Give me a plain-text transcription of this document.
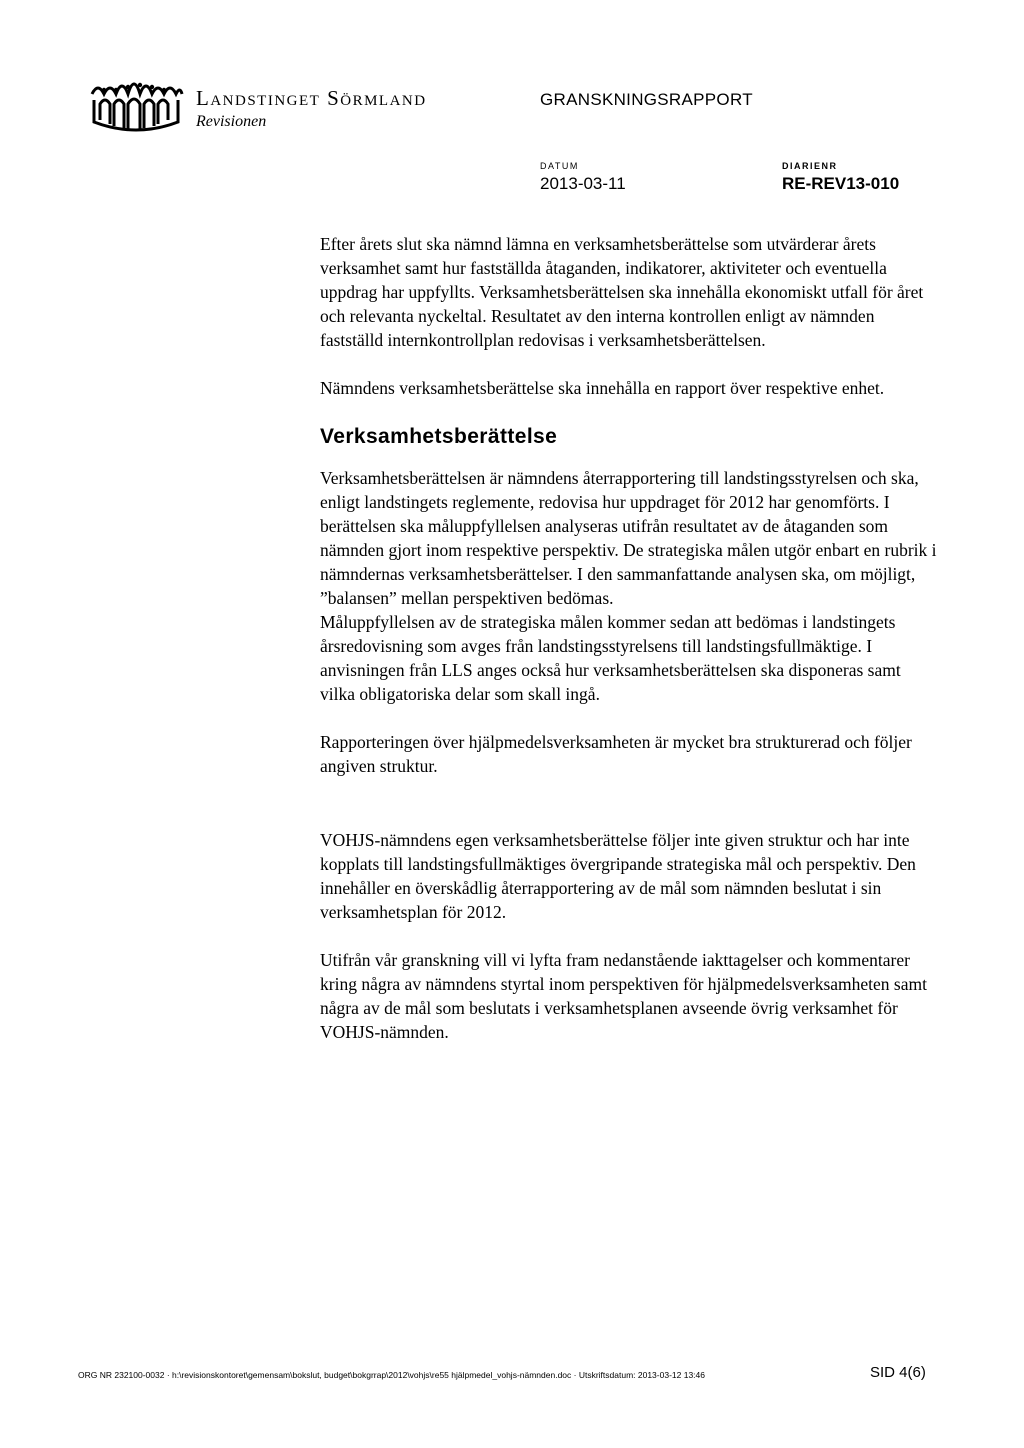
Landstinget Sörmland
Revisionen
GRANSKNINGSRAPPORT
DATUM
2013-03-11
DIARIENR
RE-REV13-010

Efter årets slut ska nämnd lämna en verksamhetsberättelse som utvärderar årets verksamhet samt hur fastställda åtaganden, indikatorer, aktiviteter och eventuella uppdrag har uppfyllts. Verksamhetsberättelsen ska innehålla ekonomiskt utfall för året och relevanta nyckeltal. Resultatet av den interna kontrollen enligt av nämnden fastställd internkontrollplan redovisas i verksamhetsberättelsen.

Nämndens verksamhetsberättelse ska innehålla en rapport över respektive enhet.

Verksamhetsberättelse

Verksamhetsberättelsen är nämndens återrapportering till landstingsstyrelsen och ska, enligt landstingets reglemente, redovisa hur uppdraget för 2012 har genomförts. I berättelsen ska måluppfyllelsen analyseras utifrån resultatet av de åtaganden som nämnden gjort inom respektive perspektiv. De strategiska målen utgör enbart en rubrik i nämndernas verksamhetsberättelser. I den sammanfattande analysen ska, om möjligt, ”balansen” mellan perspektiven bedömas.

Måluppfyllelsen av de strategiska målen kommer sedan att bedömas i landstingets årsredovisning som avges från landstingsstyrelsens till landstingsfullmäktige. I anvisningen från LLS anges också hur verksamhetsberättelsen ska disponeras samt vilka obligatoriska delar som skall ingå.

Rapporteringen över hjälpmedelsverksamheten är mycket bra strukturerad och följer angiven struktur.

VOHJS-nämndens egen verksamhetsberättelse följer inte given struktur och har inte kopplats till landstingsfullmäktiges övergripande strategiska mål och perspektiv. Den innehåller en överskådlig återrapportering av de mål som nämnden beslutat i sin verksamhetsplan för 2012.

Utifrån vår granskning vill vi lyfta fram nedanstående iakttagelser och kommentarer kring några av nämndens styrtal inom perspektiven för hjälpmedelsverksamheten samt några av de mål som beslutats i verksamhetsplanen avseende övrig verksamhet för VOHJS-nämnden.

ORG NR 232100-0032 · h:\revisionskontoret\gemensam\bokslut, budget\bokgrrap\2012\vohjs\re55 hjälpmedel_vohjs-nämnden.doc · Utskriftsdatum: 2013-03-12 13:46	SID 4(6)
